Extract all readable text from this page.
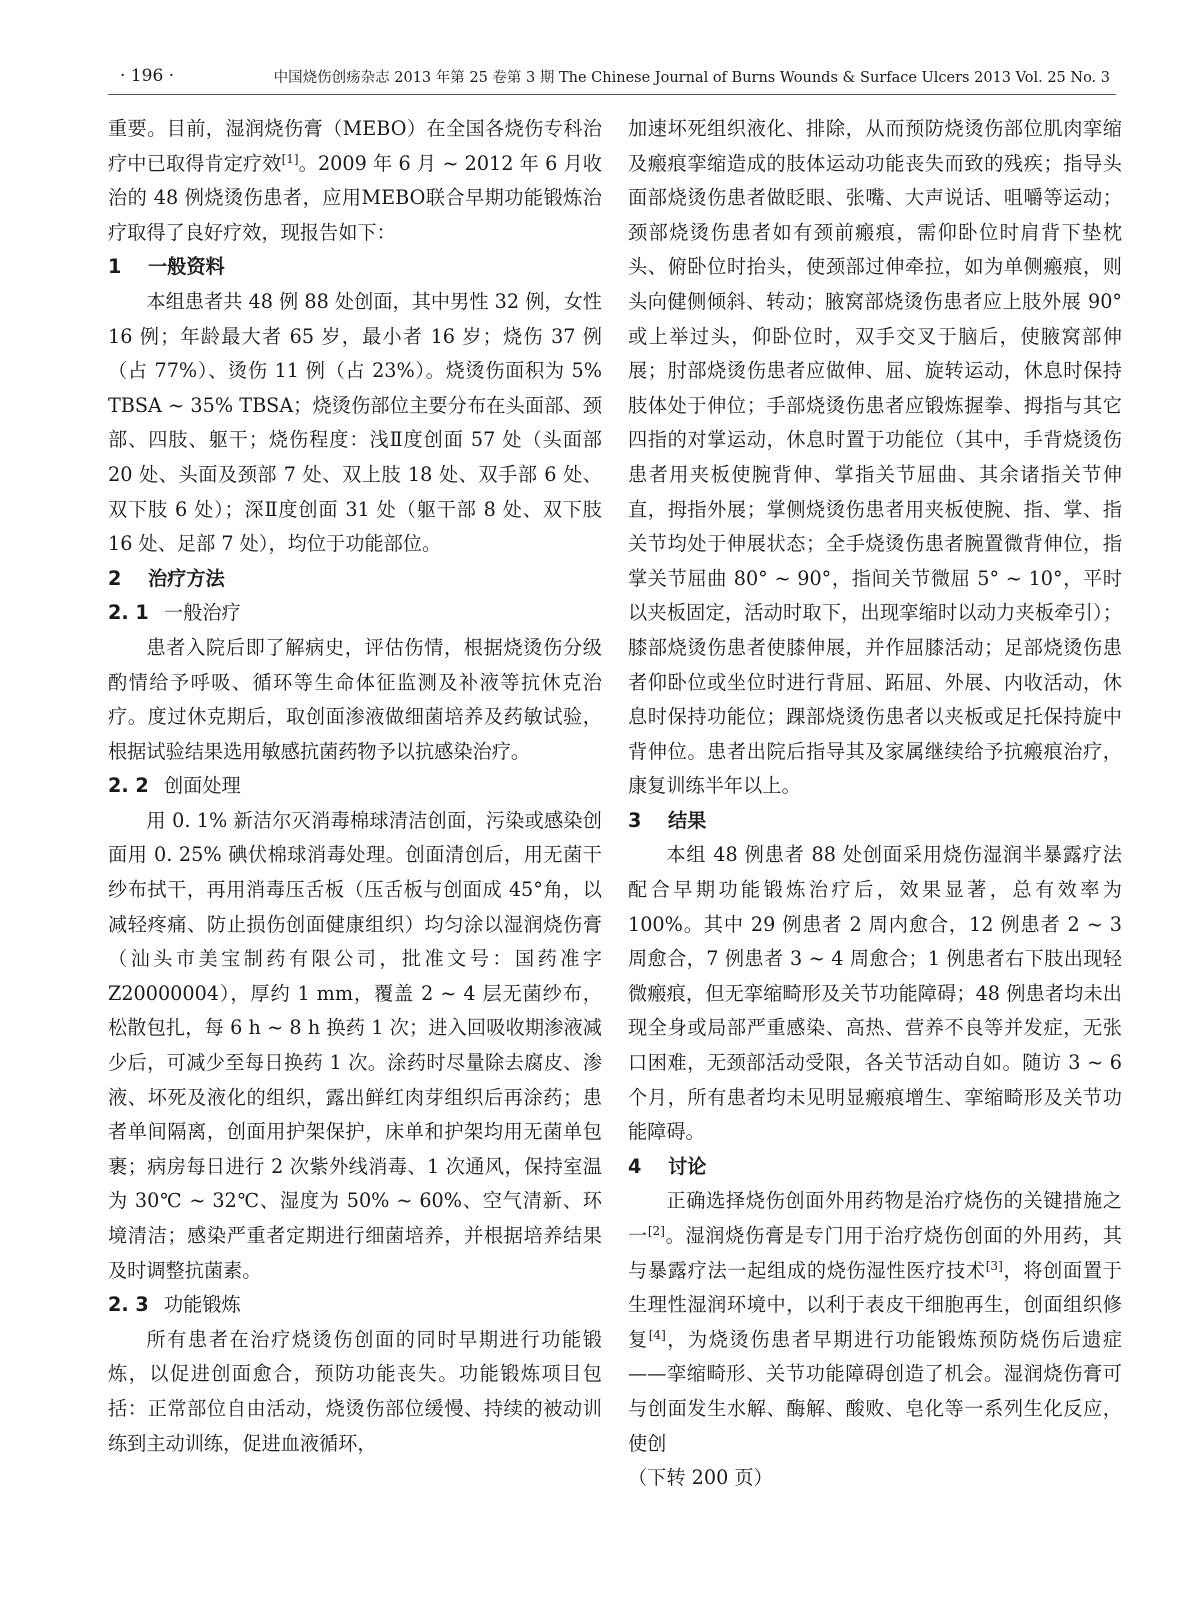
· 196 ·	中国烧伤创疡杂志 2013 年第 25 卷第 3 期 The Chinese Journal of Burns Wounds & Surface Ulcers 2013 Vol. 25 No. 3

重要。目前，湿润烧伤膏（MEBO）在全国各烧伤专科治疗中已取得肯定疗效[1]。2009 年 6 月 ~ 2012 年 6 月收治的 48 例烧烫伤患者，应用MEBO联合早期功能锻炼治疗取得了良好疗效，现报告如下：

1 一般资料

本组患者共 48 例 88 处创面，其中男性 32 例，女性 16 例；年龄最大者 65 岁，最小者 16 岁；烧伤 37 例（占 77%）、烫伤 11 例（占 23%）。烧烫伤面积为 5% TBSA ~ 35% TBSA；烧烫伤部位主要分布在头面部、颈部、四肢、躯干；烧伤程度：浅Ⅱ度创面 57 处（头面部 20 处、头面及颈部 7 处、双上肢 18 处、双手部 6 处、双下肢 6 处）；深Ⅱ度创面 31 处（躯干部 8 处、双下肢 16 处、足部 7 处），均位于功能部位。

2 治疗方法
2. 1 一般治疗

患者入院后即了解病史，评估伤情，根据烧烫伤分级酌情给予呼吸、循环等生命体征监测及补液等抗休克治疗。度过休克期后，取创面渗液做细菌培养及药敏试验，根据试验结果选用敏感抗菌药物予以抗感染治疗。

2. 2 创面处理

用 0. 1% 新洁尔灭消毒棉球清洁创面，污染或感染创面用 0. 25% 碘伏棉球消毒处理。创面清创后，用无菌干纱布拭干，再用消毒压舌板（压舌板与创面成 45°角，以减轻疼痛、防止损伤创面健康组织）均匀涂以湿润烧伤膏（汕头市美宝制药有限公司，批准文号：国药准字 Z20000004），厚约 1 mm，覆盖 2 ~ 4 层无菌纱布，松散包扎，每 6 h ~ 8 h 换药 1 次；进入回吸收期渗液减少后，可减少至每日换药 1 次。涂药时尽量除去腐皮、渗液、坏死及液化的组织，露出鲜红肉芽组织后再涂药；患者单间隔离，创面用护架保护，床单和护架均用无菌单包裹；病房每日进行 2 次紫外线消毒、1 次通风，保持室温为 30℃ ~ 32℃、湿度为 50% ~ 60%、空气清新、环境清洁；感染严重者定期进行细菌培养，并根据培养结果及时调整抗菌素。

2. 3 功能锻炼

所有患者在治疗烧烫伤创面的同时早期进行功能锻炼，以促进创面愈合，预防功能丧失。功能锻炼项目包括：正常部位自由活动，烧烫伤部位缓慢、持续的被动训练到主动训练，促进血液循环，

加速坏死组织液化、排除，从而预防烧烫伤部位肌肉挛缩及瘢痕挛缩造成的肢体运动功能丧失而致的残疾；指导头面部烧烫伤患者做眨眼、张嘴、大声说话、咀嚼等运动；颈部烧烫伤患者如有颈前瘢痕，需仰卧位时肩背下垫枕头、俯卧位时抬头，使颈部过伸牵拉，如为单侧瘢痕，则头向健侧倾斜、转动；腋窝部烧烫伤患者应上肢外展 90°或上举过头，仰卧位时，双手交叉于脑后，使腋窝部伸展；肘部烧烫伤患者应做伸、屈、旋转运动，休息时保持肢体处于伸位；手部烧烫伤患者应锻炼握拳、拇指与其它四指的对掌运动，休息时置于功能位（其中，手背烧烫伤患者用夹板使腕背伸、掌指关节屈曲、其余诸指关节伸直，拇指外展；掌侧烧烫伤患者用夹板使腕、指、掌、指关节均处于伸展状态；全手烧烫伤患者腕置微背伸位，指掌关节屈曲 80° ~ 90°，指间关节微屈 5° ~ 10°，平时以夹板固定，活动时取下，出现挛缩时以动力夹板牵引）；膝部烧烫伤患者使膝伸展，并作屈膝活动；足部烧烫伤患者仰卧位或坐位时进行背屈、跖屈、外展、内收活动，休息时保持功能位；踝部烧烫伤患者以夹板或足托保持旋中背伸位。患者出院后指导其及家属继续给予抗瘢痕治疗，康复训练半年以上。

3 结果

本组 48 例患者 88 处创面采用烧伤湿润半暴露疗法配合早期功能锻炼治疗后，效果显著，总有效率为 100%。其中 29 例患者 2 周内愈合，12 例患者 2 ~ 3 周愈合，7 例患者 3 ~ 4 周愈合；1 例患者右下肢出现轻微瘢痕，但无挛缩畸形及关节功能障碍；48 例患者均未出现全身或局部严重感染、高热、营养不良等并发症，无张口困难，无颈部活动受限，各关节活动自如。随访 3 ~ 6 个月，所有患者均未见明显瘢痕增生、挛缩畸形及关节功能障碍。

4 讨论

正确选择烧伤创面外用药物是治疗烧伤的关键措施之一[2]。湿润烧伤膏是专门用于治疗烧伤创面的外用药，其与暴露疗法一起组成的烧伤湿性医疗技术[3]，将创面置于生理性湿润环境中，以利于表皮干细胞再生，创面组织修复[4]，为烧烫伤患者早期进行功能锻炼预防烧伤后遗症——挛缩畸形、关节功能障碍创造了机会。湿润烧伤膏可与创面发生水解、酶解、酸败、皂化等一系列生化反应，使创

（下转 200 页）
